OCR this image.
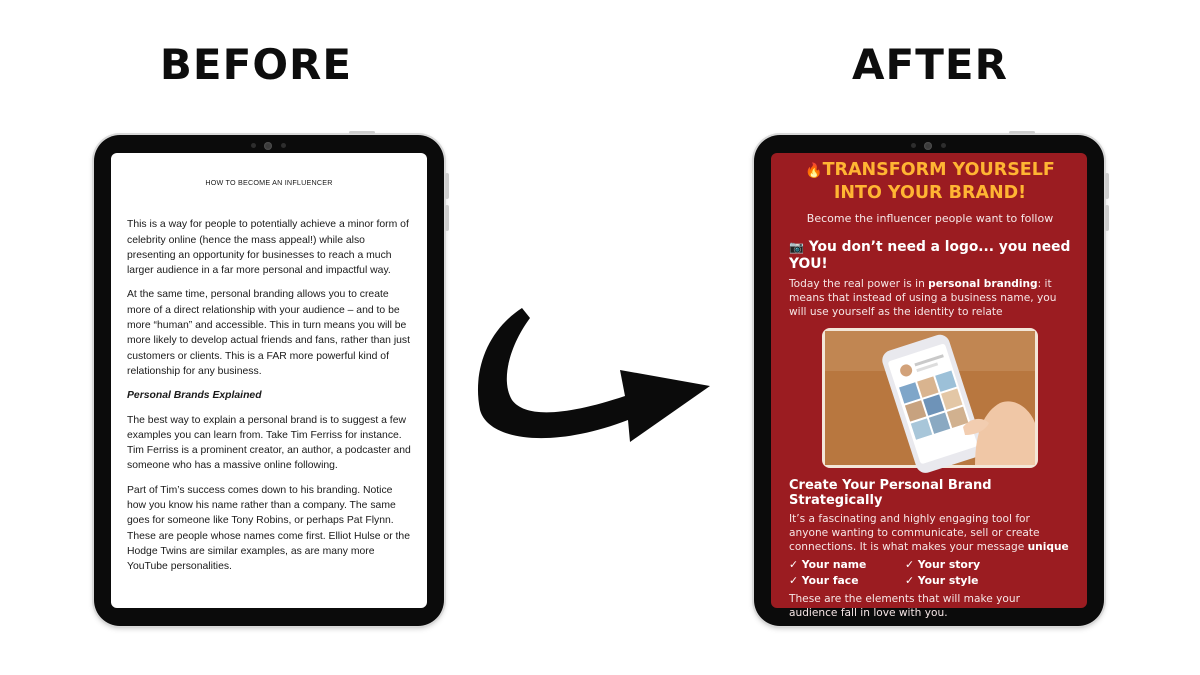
BEFORE	AFTER
HOW TO BECOME AN INFLUENCER

This is a way for people to potentially achieve a minor form of celebrity online (hence the mass appeal!) while also presenting an opportunity for businesses to reach a much larger audience in a far more personal and impactful way.

At the same time, personal branding allows you to create more of a direct relationship with your audience – and to be more “human” and accessible. This in turn means you will be more likely to develop actual friends and fans, rather than just customers or clients. This is a FAR more powerful kind of relationship for any business.

Personal Brands Explained

The best way to explain a personal brand is to suggest a few examples you can learn from. Take Tim Ferriss for instance. Tim Ferriss is a prominent creator, an author, a podcaster and someone who has a massive online following.

Part of Tim’s success comes down to his branding. Notice how you know his name rather than a company. The same goes for someone like Tony Robins, or perhaps Pat Flynn. These are people whose names come first. Elliot Hulse or the Hodge Twins are similar examples, as are many more YouTube personalities.

🔥TRANSFORM YOURSELF
INTO YOUR BRAND!

Become the influencer people want to follow

📷 You don’t need a logo... you need YOU!

Today the real power is in personal branding: it means that instead of using a business name, you will use yourself as the identity to relate

Create Your Personal Brand Strategically

It’s a fascinating and highly engaging tool for anyone wanting to communicate, sell or create connections. It is what makes your message unique

✓ Your name	✓ Your story
✓ Your face	✓ Your style

These are the elements that will make your audience fall in love with you.
